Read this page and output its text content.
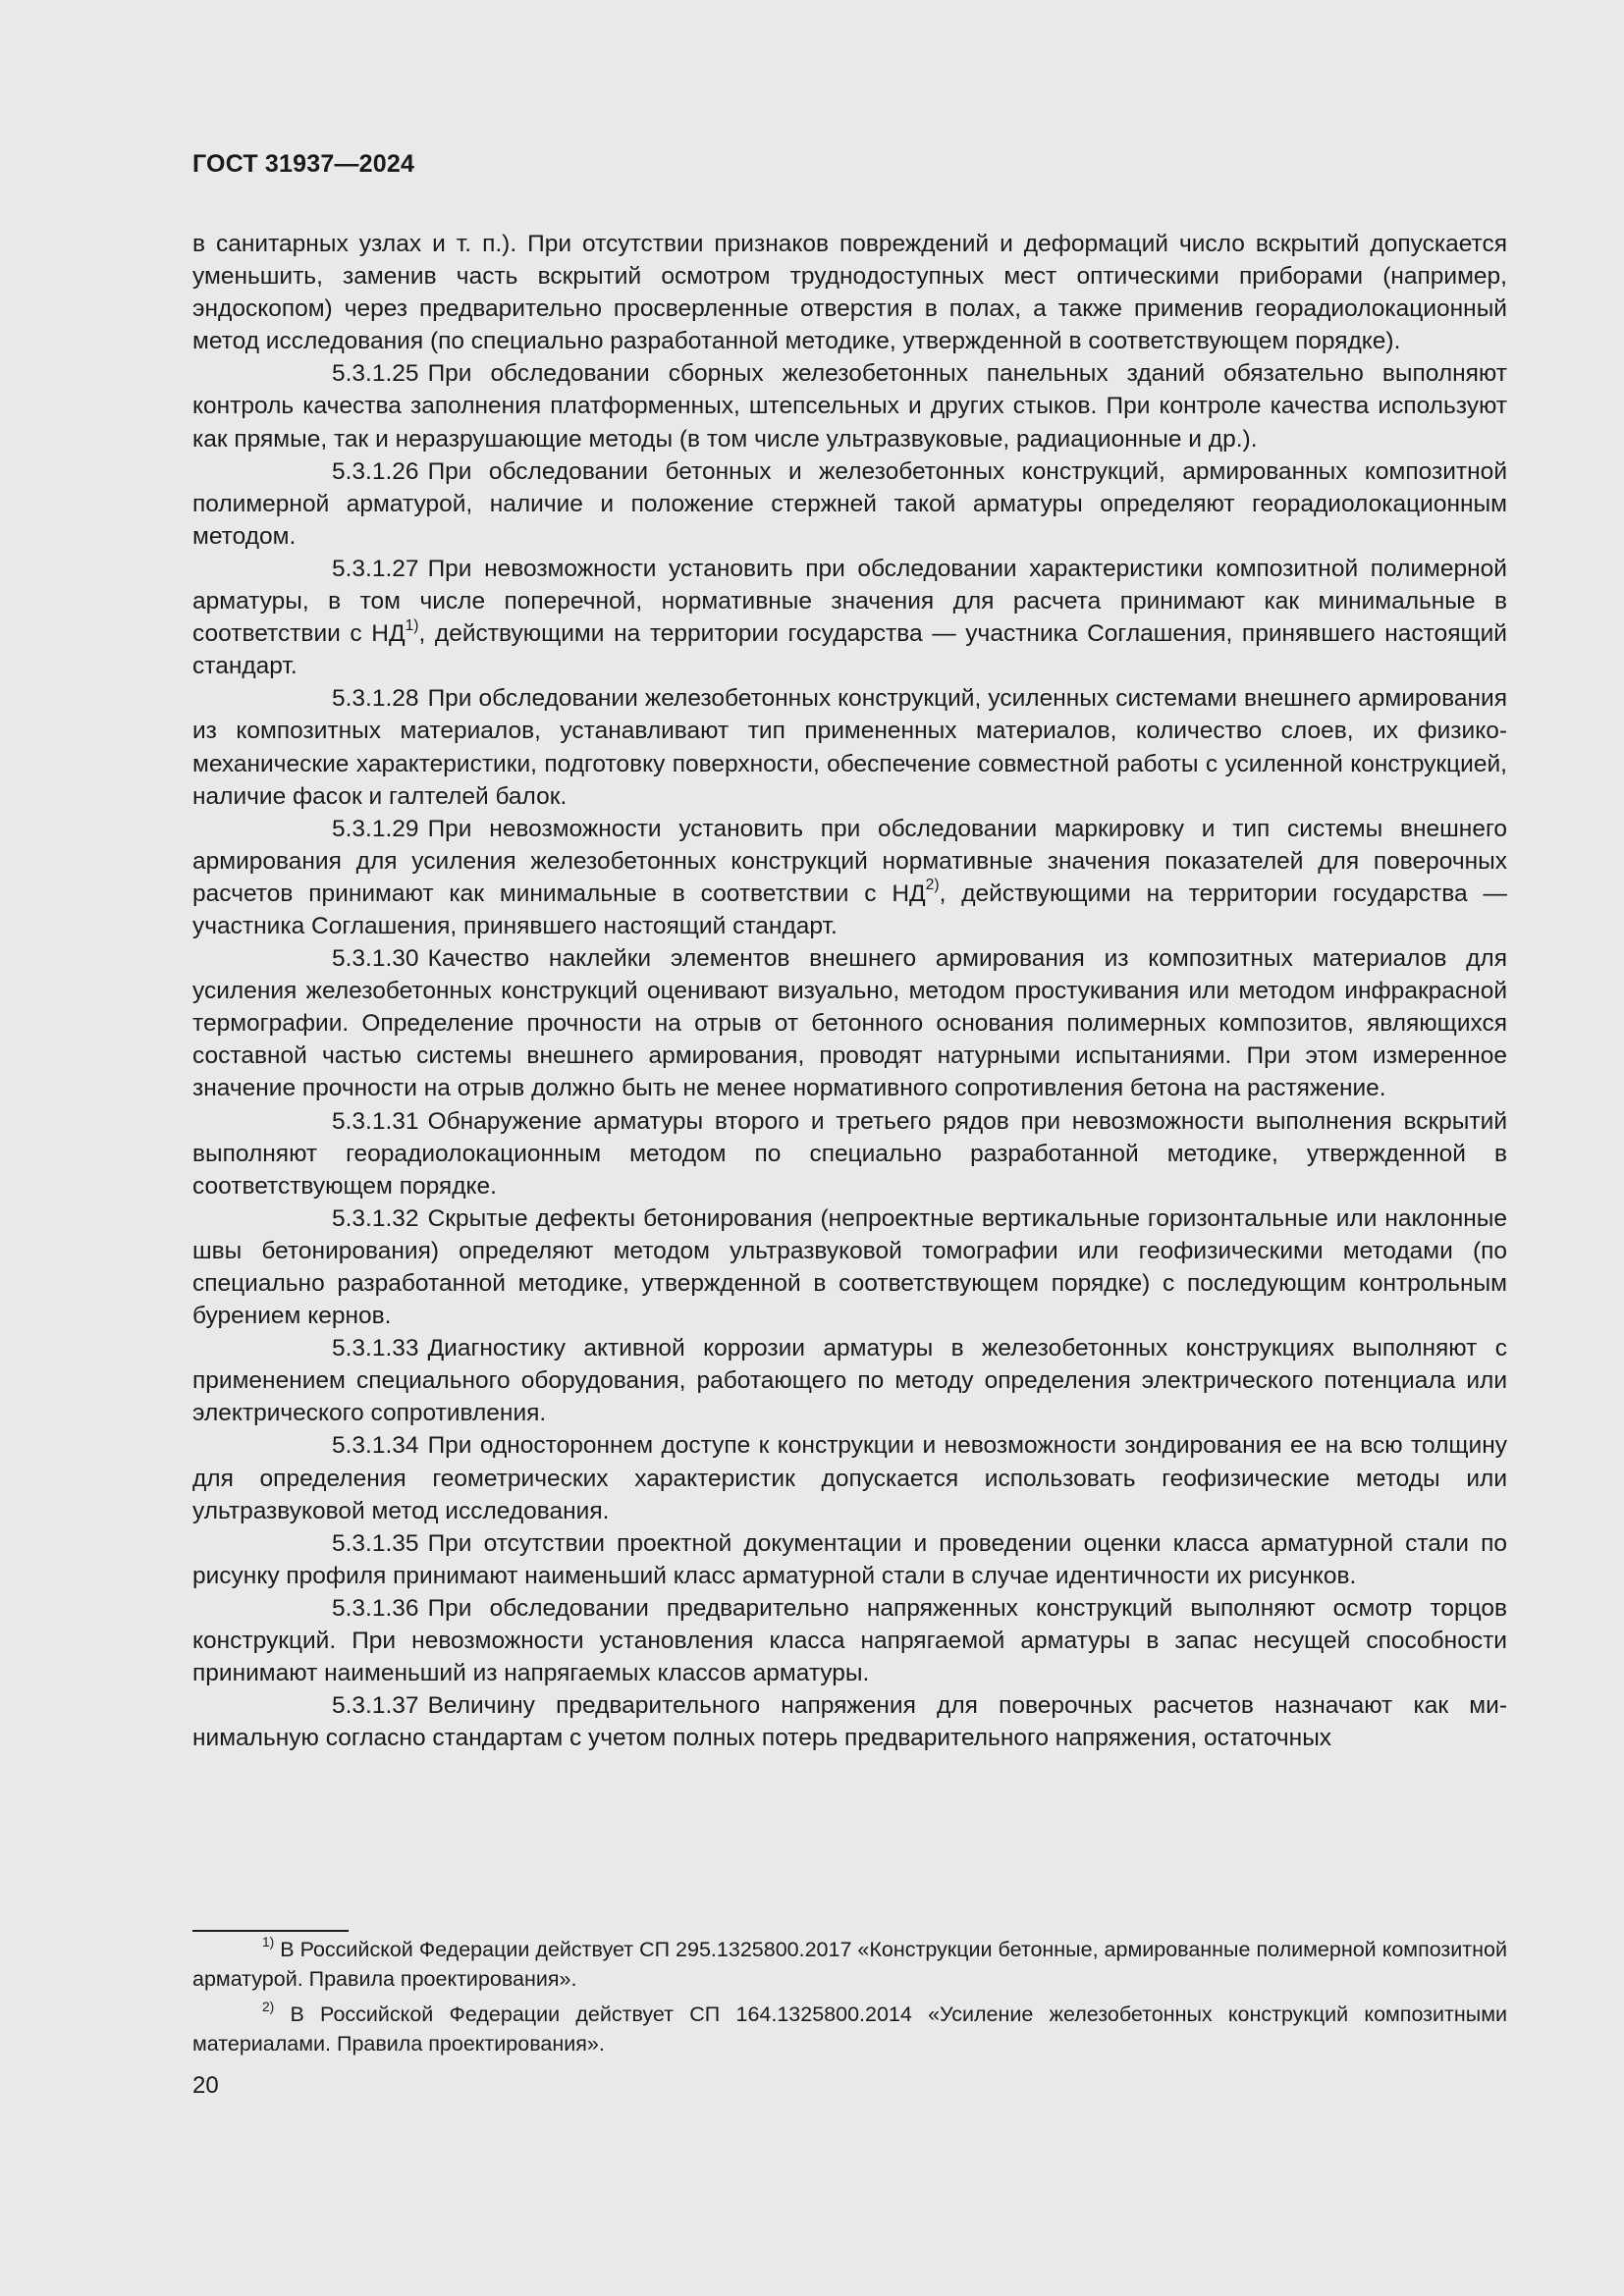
ГОСТ 31937—2024

в санитарных узлах и т. п.). При отсутствии признаков повреждений и деформаций число вскрытий допускается уменьшить, заменив часть вскрытий осмотром труднодоступных мест оптическими приборами (например, эндоскопом) через предварительно просверленные отверстия в полах, а также применив георадиолокационный метод исследования (по специально разработанной методике, утвержденной в соответствующем порядке).

5.3.1.25 При обследовании сборных железобетонных панельных зданий обязательно выполняют контроль качества заполнения платформенных, штепсельных и других стыков. При контроле качества используют как прямые, так и неразрушающие методы (в том числе ультразвуковые, радиационные и др.).

5.3.1.26 При обследовании бетонных и железобетонных конструкций, армированных композитной полимерной арматурой, наличие и положение стержней такой арматуры определяют георадиолокационным методом.

5.3.1.27 При невозможности установить при обследовании характеристики композитной полимерной арматуры, в том числе поперечной, нормативные значения для расчета принимают как минимальные в соответствии с НД$^{1)}$, действующими на территории государства — участника Соглашения, принявшего настоящий стандарт.

5.3.1.28 При обследовании железобетонных конструкций, усиленных системами внешнего армирования из композитных материалов, устанавливают тип примененных материалов, количество слоев, их физико-механические характеристики, подготовку поверхности, обеспечение совместной работы с усиленной конструкцией, наличие фасок и галтелей балок.

5.3.1.29 При невозможности установить при обследовании маркировку и тип системы внешнего армирования для усиления железобетонных конструкций нормативные значения показателей для поверочных расчетов принимают как минимальные в соответствии с НД$^{2)}$, действующими на территории государства — участника Соглашения, принявшего настоящий стандарт.

5.3.1.30 Качество наклейки элементов внешнего армирования из композитных материалов для усиления железобетонных конструкций оценивают визуально, методом простукивания или методом инфракрасной термографии. Определение прочности на отрыв от бетонного основания полимерных композитов, являющихся составной частью системы внешнего армирования, проводят натурными испытаниями. При этом измеренное значение прочности на отрыв должно быть не менее нормативного сопротивления бетона на растяжение.

5.3.1.31 Обнаружение арматуры второго и третьего рядов при невозможности выполнения вскрытий выполняют георадиолокационным методом по специально разработанной методике, утвержденной в соответствующем порядке.

5.3.1.32 Скрытые дефекты бетонирования (непроектные вертикальные горизонтальные или наклонные швы бетонирования) определяют методом ультразвуковой томографии или геофизическими методами (по специально разработанной методике, утвержденной в соответствующем порядке) с последующим контрольным бурением кернов.

5.3.1.33 Диагностику активной коррозии арматуры в железобетонных конструкциях выполняют с применением специального оборудования, работающего по методу определения электрического потенциала или электрического сопротивления.

5.3.1.34 При одностороннем доступе к конструкции и невозможности зондирования ее на всю толщину для определения геометрических характеристик допускается использовать геофизические методы или ультразвуковой метод исследования.

5.3.1.35 При отсутствии проектной документации и проведении оценки класса арматурной стали по рисунку профиля принимают наименьший класс арматурной стали в случае идентичности их рисунков.

5.3.1.36 При обследовании предварительно напряженных конструкций выполняют осмотр торцов конструкций. При невозможности установления класса напрягаемой арматуры в запас несущей способности принимают наименьший из напрягаемых классов арматуры.

5.3.1.37 Величину предварительного напряжения для поверочных расчетов назначают как минимальную согласно стандартам с учетом полных потерь предварительного напряжения, остаточных

$^{1)}$ В Российской Федерации действует СП 295.1325800.2017 «Конструкции бетонные, армированные полимерной композитной арматурой. Правила проектирования».

$^{2)}$ В Российской Федерации действует СП 164.1325800.2014 «Усиление железобетонных конструкций композитными материалами. Правила проектирования».

20
